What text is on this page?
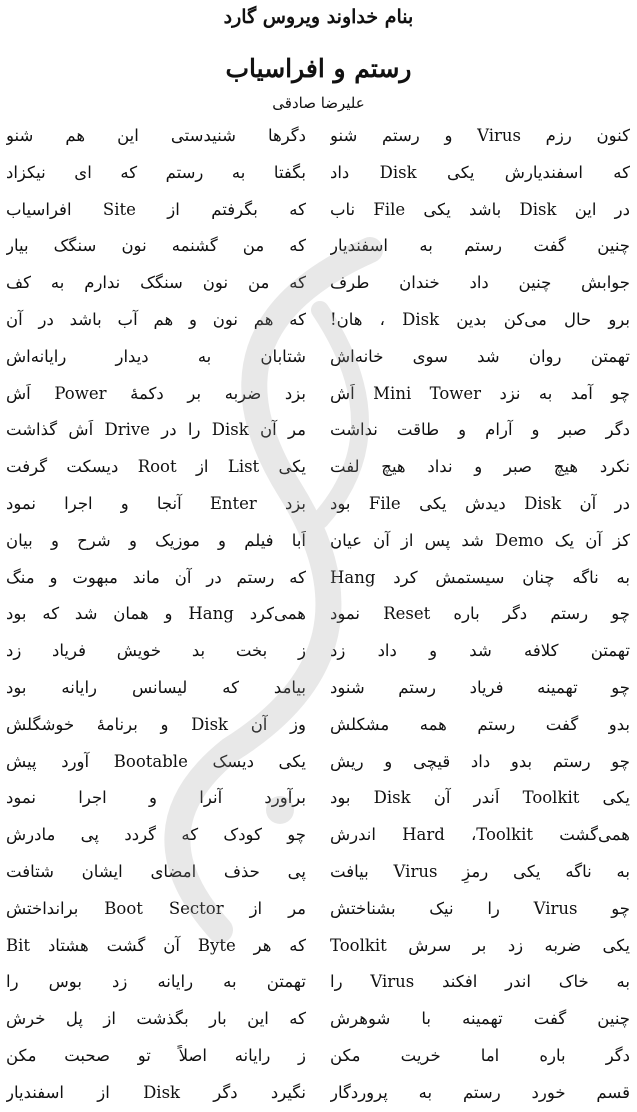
بنام خداوند ویروس گارد
رستم و افراسیاب
علیرضا صادقی
کنون رزم Virus و رستم شنو
که اسفندیارش یکی Disk داد
در این Disk باشد یکی File ناب
چنین گفت رستم به اسفندیار
جوابش چنین داد خندان طرف
برو حال می‌کن بدین Disk ، هان!
تهمتن روان شد سوی خانه‌اش
چو آمد به نزد Mini Tower اَش
دگر صبر و آرام و طاقت نداشت
نکرد هیچ صبر و نداد هیچ لفت
در آن Disk دیدش یکی File بود
کز آن یک Demo شد پس از آن عیان
به ناگه چنان سیستمش کرد Hang
چو رستم دگر باره Reset نمود
تهمتن کلافه شد و داد زد
چو تهمینه فریاد رستم شنود
بدو گفت رستم همه مشکلش
چو رستم بدو داد قیچی و ریش
یکی Toolkit اَندر آن Disk بود
همی‌گشت Hard ،Toolkit اندرش
به ناگه یکی رمزِ Virus بیافت
چو Virus را نیک بشناختش
یکی ضربه زد بر سرش Toolkit
به خاک اندر افکند Virus را
چنین گفت تهمینه با شوهرش
دگر باره اما خریت مکن
قسم خورد رستم به پروردگار
دگرها شنیدستی این هم شنو
بگفتا به رستم که ای نیکزاد
که بگرفتم از Site افراسیاب
که من گشنمه نون سنگک بیار
که من نون سنگک ندارم به کف
که هم نون و هم آب باشد در آن
شتابان به دیدار رایانه‌اش
بزد ضربه بر دکمهٔ Power اَش
مر آن Disk را در Drive اَش گذاشت
یکی List از Root دیسکت گرفت
بزد Enter آنجا و اجرا نمود
اَبا فیلم و موزیک و شرح و بیان
که رستم در آن ماند مبهوت و منگ
همی‌کرد Hang و همان شد که بود
ز بخت بد خویش فریاد زد
بیامد که لیسانس رایانه بود
وز آن Disk و برنامهٔ خوشگلش
یکی دیسک Bootable آورد پیش
برآورد آنرا و اجرا نمود
چو کودک که گردد پی مادرش
پی حذف امضای ایشان شتافت
مر از Boot Sector برانداختش
که هر Byte آن گشت هشتاد Bit
تهمتن به رایانه زد بوس را
که این بار بگذشت از پل خرش
ز رایانه اصلاً تو صحبت مکن
نگیرد دگر Disk از اسفندیار
